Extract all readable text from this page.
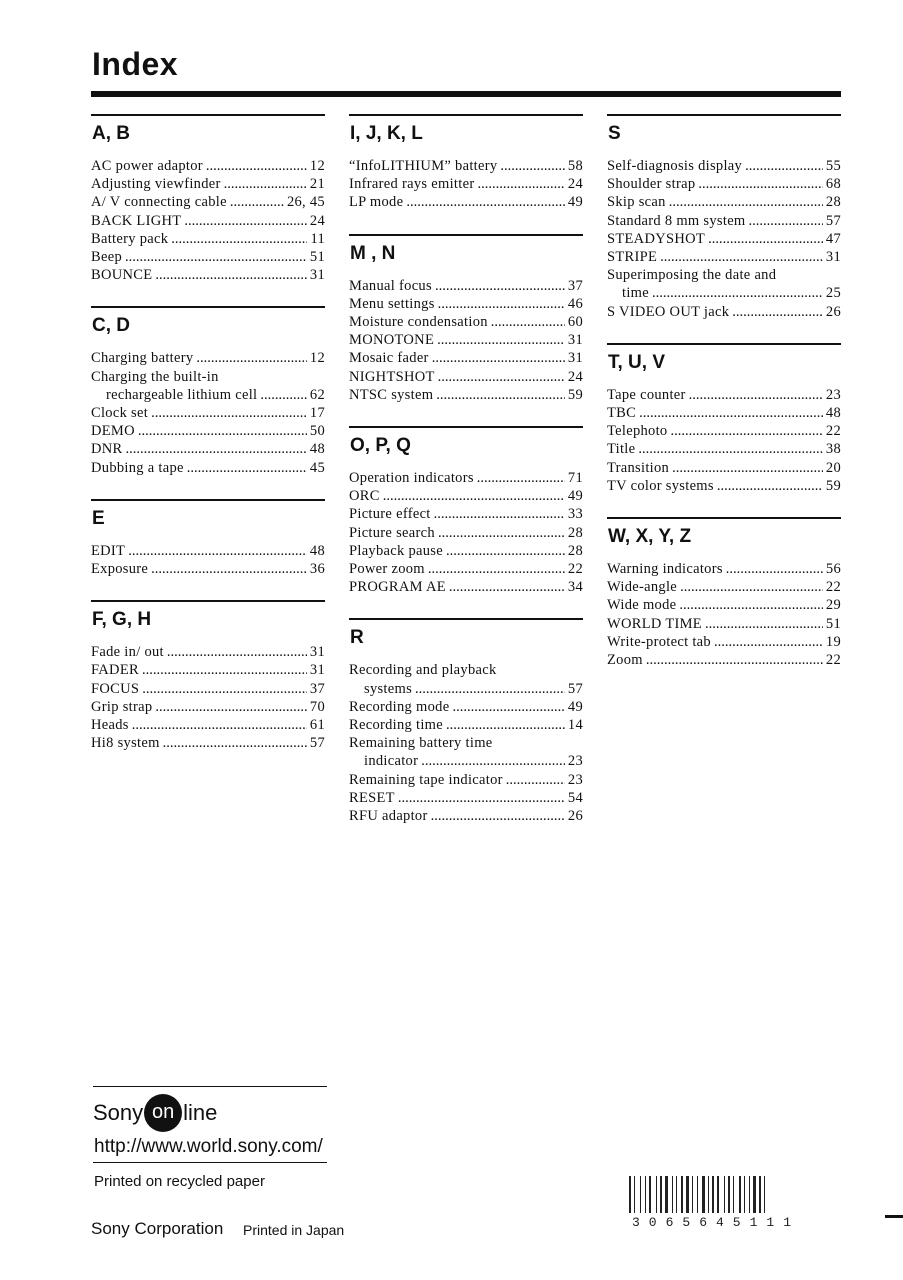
Index
A, B
AC power adaptor .....	12
Adjusting viewfinder .....	21
A/ V connecting cable .....	26, 45
BACK LIGHT .....	24
Battery pack .....	11
Beep .....	51
BOUNCE .....	31
C, D
Charging battery .....	12
Charging the built-in
rechargeable lithium cell .....	62
Clock set .....	17
DEMO .....	50
DNR .....	48
Dubbing a tape .....	45
E
EDIT .....	48
Exposure .....	36
F, G, H
Fade in/ out .....	31
FADER .....	31
FOCUS .....	37
Grip strap .....	70
Heads .....	61
Hi8 system .....	57
I, J, K, L
“InfoLITHIUM” battery .....	58
Infrared rays emitter .....	24
LP mode .....	49
M , N
Manual focus .....	37
Menu settings .....	46
Moisture condensation .....	60
MONOTONE .....	31
Mosaic fader .....	31
NIGHTSHOT .....	24
NTSC system .....	59
O, P, Q
Operation indicators .....	71
ORC .....	49
Picture effect .....	33
Picture search .....	28
Playback pause .....	28
Power zoom .....	22
PROGRAM AE .....	34
R
Recording and playback
systems .....	57
Recording mode .....	49
Recording time .....	14
Remaining battery time
indicator .....	23
Remaining tape indicator .....	23
RESET .....	54
RFU adaptor .....	26
S
Self-diagnosis display .....	55
Shoulder strap .....	68
Skip scan .....	28
Standard 8 mm system .....	57
STEADYSHOT .....	47
STRIPE .....	31
Superimposing the date and
time .....	25
S VIDEO OUT jack .....	26
T, U, V
Tape counter .....	23
TBC .....	48
Telephoto .....	22
Title .....	38
Transition .....	20
TV color systems .....	59
W, X, Y, Z
Warning indicators .....	56
Wide-angle .....	22
Wide mode .....	29
WORLD TIME .....	51
Write-protect tab .....	19
Zoom .....	22
Sony on line
http://www.world.sony.com/
Printed on recycled paper
Sony Corporation Printed in Japan	3065645111
